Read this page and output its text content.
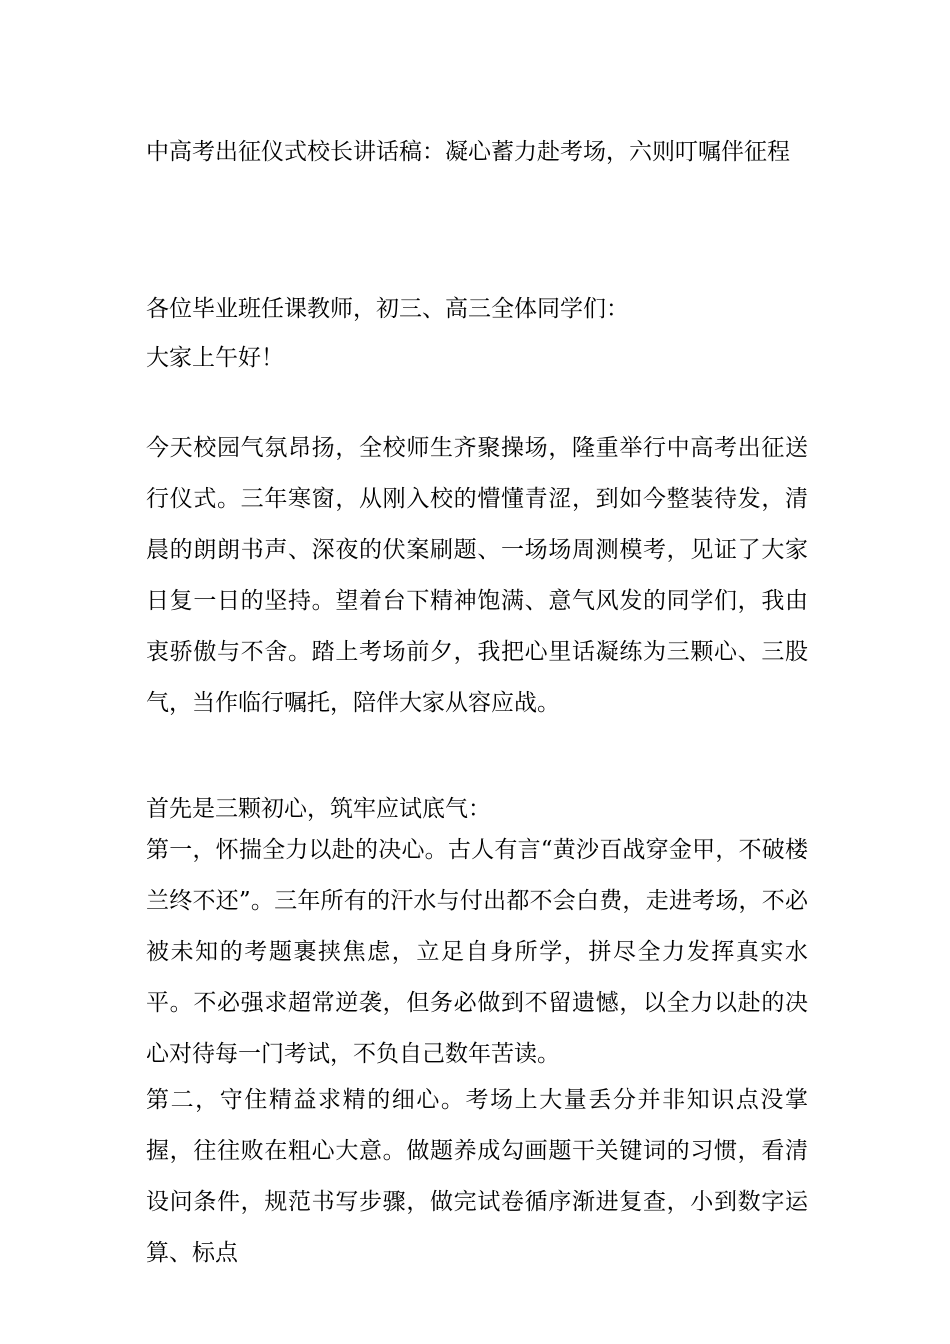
中高考出征仪式校长讲话稿：凝心蓄力赴考场，六则叮嘱伴征程

各位毕业班任课教师，初三、高三全体同学们：

大家上午好！

今天校园气氛昂扬，全校师生齐聚操场，隆重举行中高考出征送行仪式。三年寒窗，从刚入校的懵懂青涩，到如今整装待发，清晨的朗朗书声、深夜的伏案刷题、一场场周测模考，见证了大家日复一日的坚持。望着台下精神饱满、意气风发的同学们，我由衷骄傲与不舍。踏上考场前夕，我把心里话凝练为三颗心、三股气，当作临行嘱托，陪伴大家从容应战。

首先是三颗初心，筑牢应试底气：

第一，怀揣全力以赴的决心。古人有言“黄沙百战穿金甲，不破楼兰终不还”。三年所有的汗水与付出都不会白费，走进考场，不必被未知的考题裹挟焦虑，立足自身所学，拼尽全力发挥真实水平。不必强求超常逆袭，但务必做到不留遗憾，以全力以赴的决心对待每一门考试，不负自己数年苦读。

第二，守住精益求精的细心。考场上大量丢分并非知识点没掌握，往往败在粗心大意。做题养成勾画题干关键词的习惯，看清设问条件，规范书写步骤，做完试卷循序渐进复查，小到数字运算、标点
